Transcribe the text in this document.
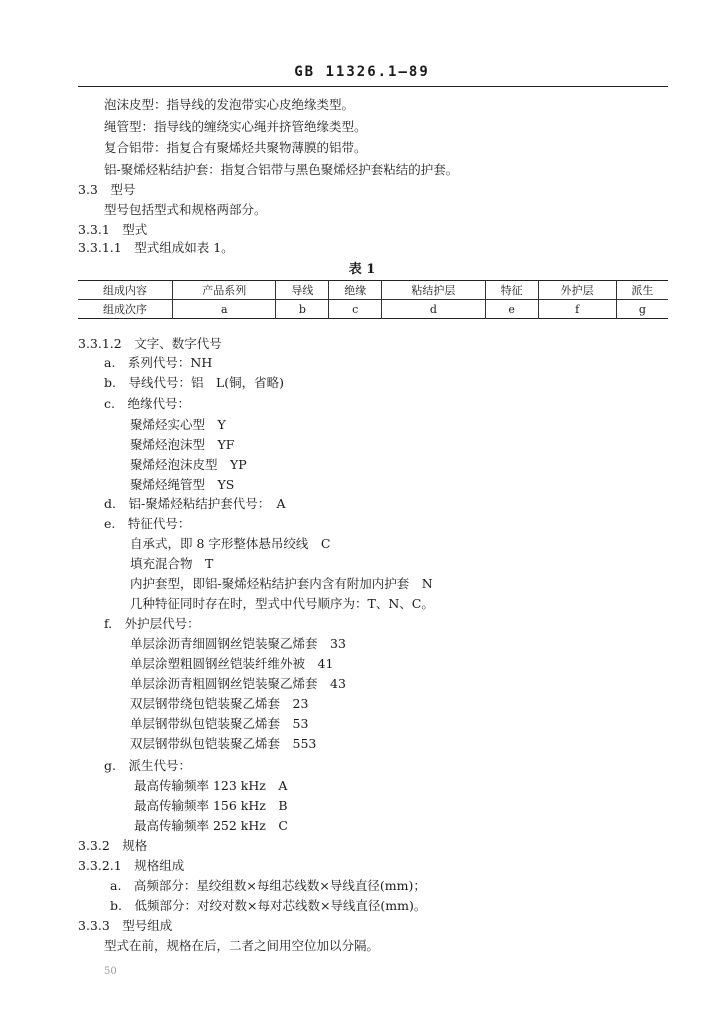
GB 11326.1—89
泡沫皮型：指导线的发泡带实心皮绝缘类型。
绳管型：指导线的缠绕实心绳并挤管绝缘类型。
复合铝带：指复合有聚烯烃共聚物薄膜的铝带。
铝-聚烯烃粘结护套：指复合铝带与黑色聚烯烃护套粘结的护套。
3.3　型号
型号包括型式和规格两部分。
3.3.1　型式
3.3.1.1　型式组成如表 1。
表 1
组成内容	产品系列	导线	绝缘	粘结护层	特征	外护层	派生
组成次序	a	b	c	d	e	f	g
3.3.1.2　文字、数字代号
a.　系列代号：NH
b.　导线代号：铝　L(铜，省略)
c.　绝缘代号：
聚烯烃实心型　Y
聚烯烃泡沫型　YF
聚烯烃泡沫皮型　YP
聚烯烃绳管型　YS
d.　铝-聚烯烃粘结护套代号：　A
e.　特征代号：
自承式，即 8 字形整体悬吊绞线　C
填充混合物　T
内护套型，即铝-聚烯烃粘结护套内含有附加内护套　N
几种特征同时存在时，型式中代号顺序为：T、N、C。
f.　外护层代号：
单层涂沥青细圆钢丝铠装聚乙烯套　33
单层涂塑粗圆钢丝铠装纤维外被　41
单层涂沥青粗圆钢丝铠装聚乙烯套　43
双层钢带绕包铠装聚乙烯套　23
单层钢带纵包铠装聚乙烯套　53
双层钢带纵包铠装聚乙烯套　553
g.　派生代号：
最高传输频率 123 kHz　A
最高传输频率 156 kHz　B
最高传输频率 252 kHz　C
3.3.2　规格
3.3.2.1　规格组成
a.　高频部分：星绞组数×每组芯线数×导线直径(mm)；
b.　低频部分：对绞对数×每对芯线数×导线直径(mm)。
3.3.3　型号组成
型式在前，规格在后，二者之间用空位加以分隔。
50
